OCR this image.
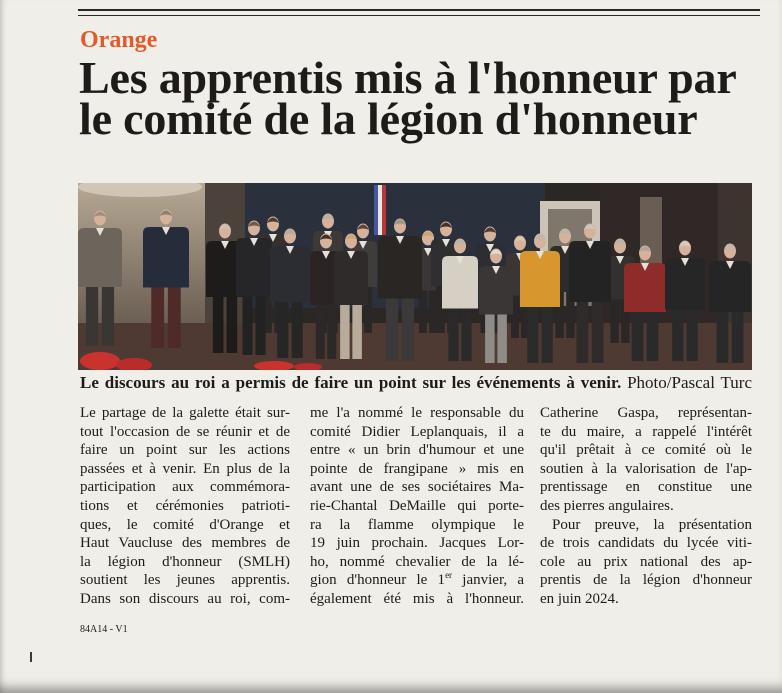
Orange
Les apprentis mis à l'honneur par
le comité de la légion d'honneur
Le discours au roi a permis de faire un point sur les événements à venir. Photo/Pascal Turc
Le partage de la galette était sur-
tout l'occasion de se réunir et de
faire un point sur les actions
passées et à venir. En plus de la
participation aux commémora-
tions et cérémonies patrioti-
ques, le comité d'Orange et
Haut Vaucluse des membres de
la légion d'honneur (SMLH)
soutient les jeunes apprentis.
Dans son discours au roi, com-
me l'a nommé le responsable du
comité Didier Leplanquais, il a
entre « un brin d'humour et une
pointe de frangipane » mis en
avant une de ses sociétaires Ma-
rie-Chantal DeMaille qui porte-
ra la flamme olympique le
19 juin prochain. Jacques Lor-
ho, nommé chevalier de la lé-
gion d'honneur le 1er janvier, a
également été mis à l'honneur.
Catherine Gaspa, représentan-
te du maire, a rappelé l'intérêt
qu'il prêtait à ce comité où le
soutien à la valorisation de l'ap-
prentissage en constitue une
des pierres angulaires.
Pour preuve, la présentation
de trois candidats du lycée viti-
cole au prix national des ap-
prentis de la légion d'honneur
en juin 2024.
84A14 - V1
